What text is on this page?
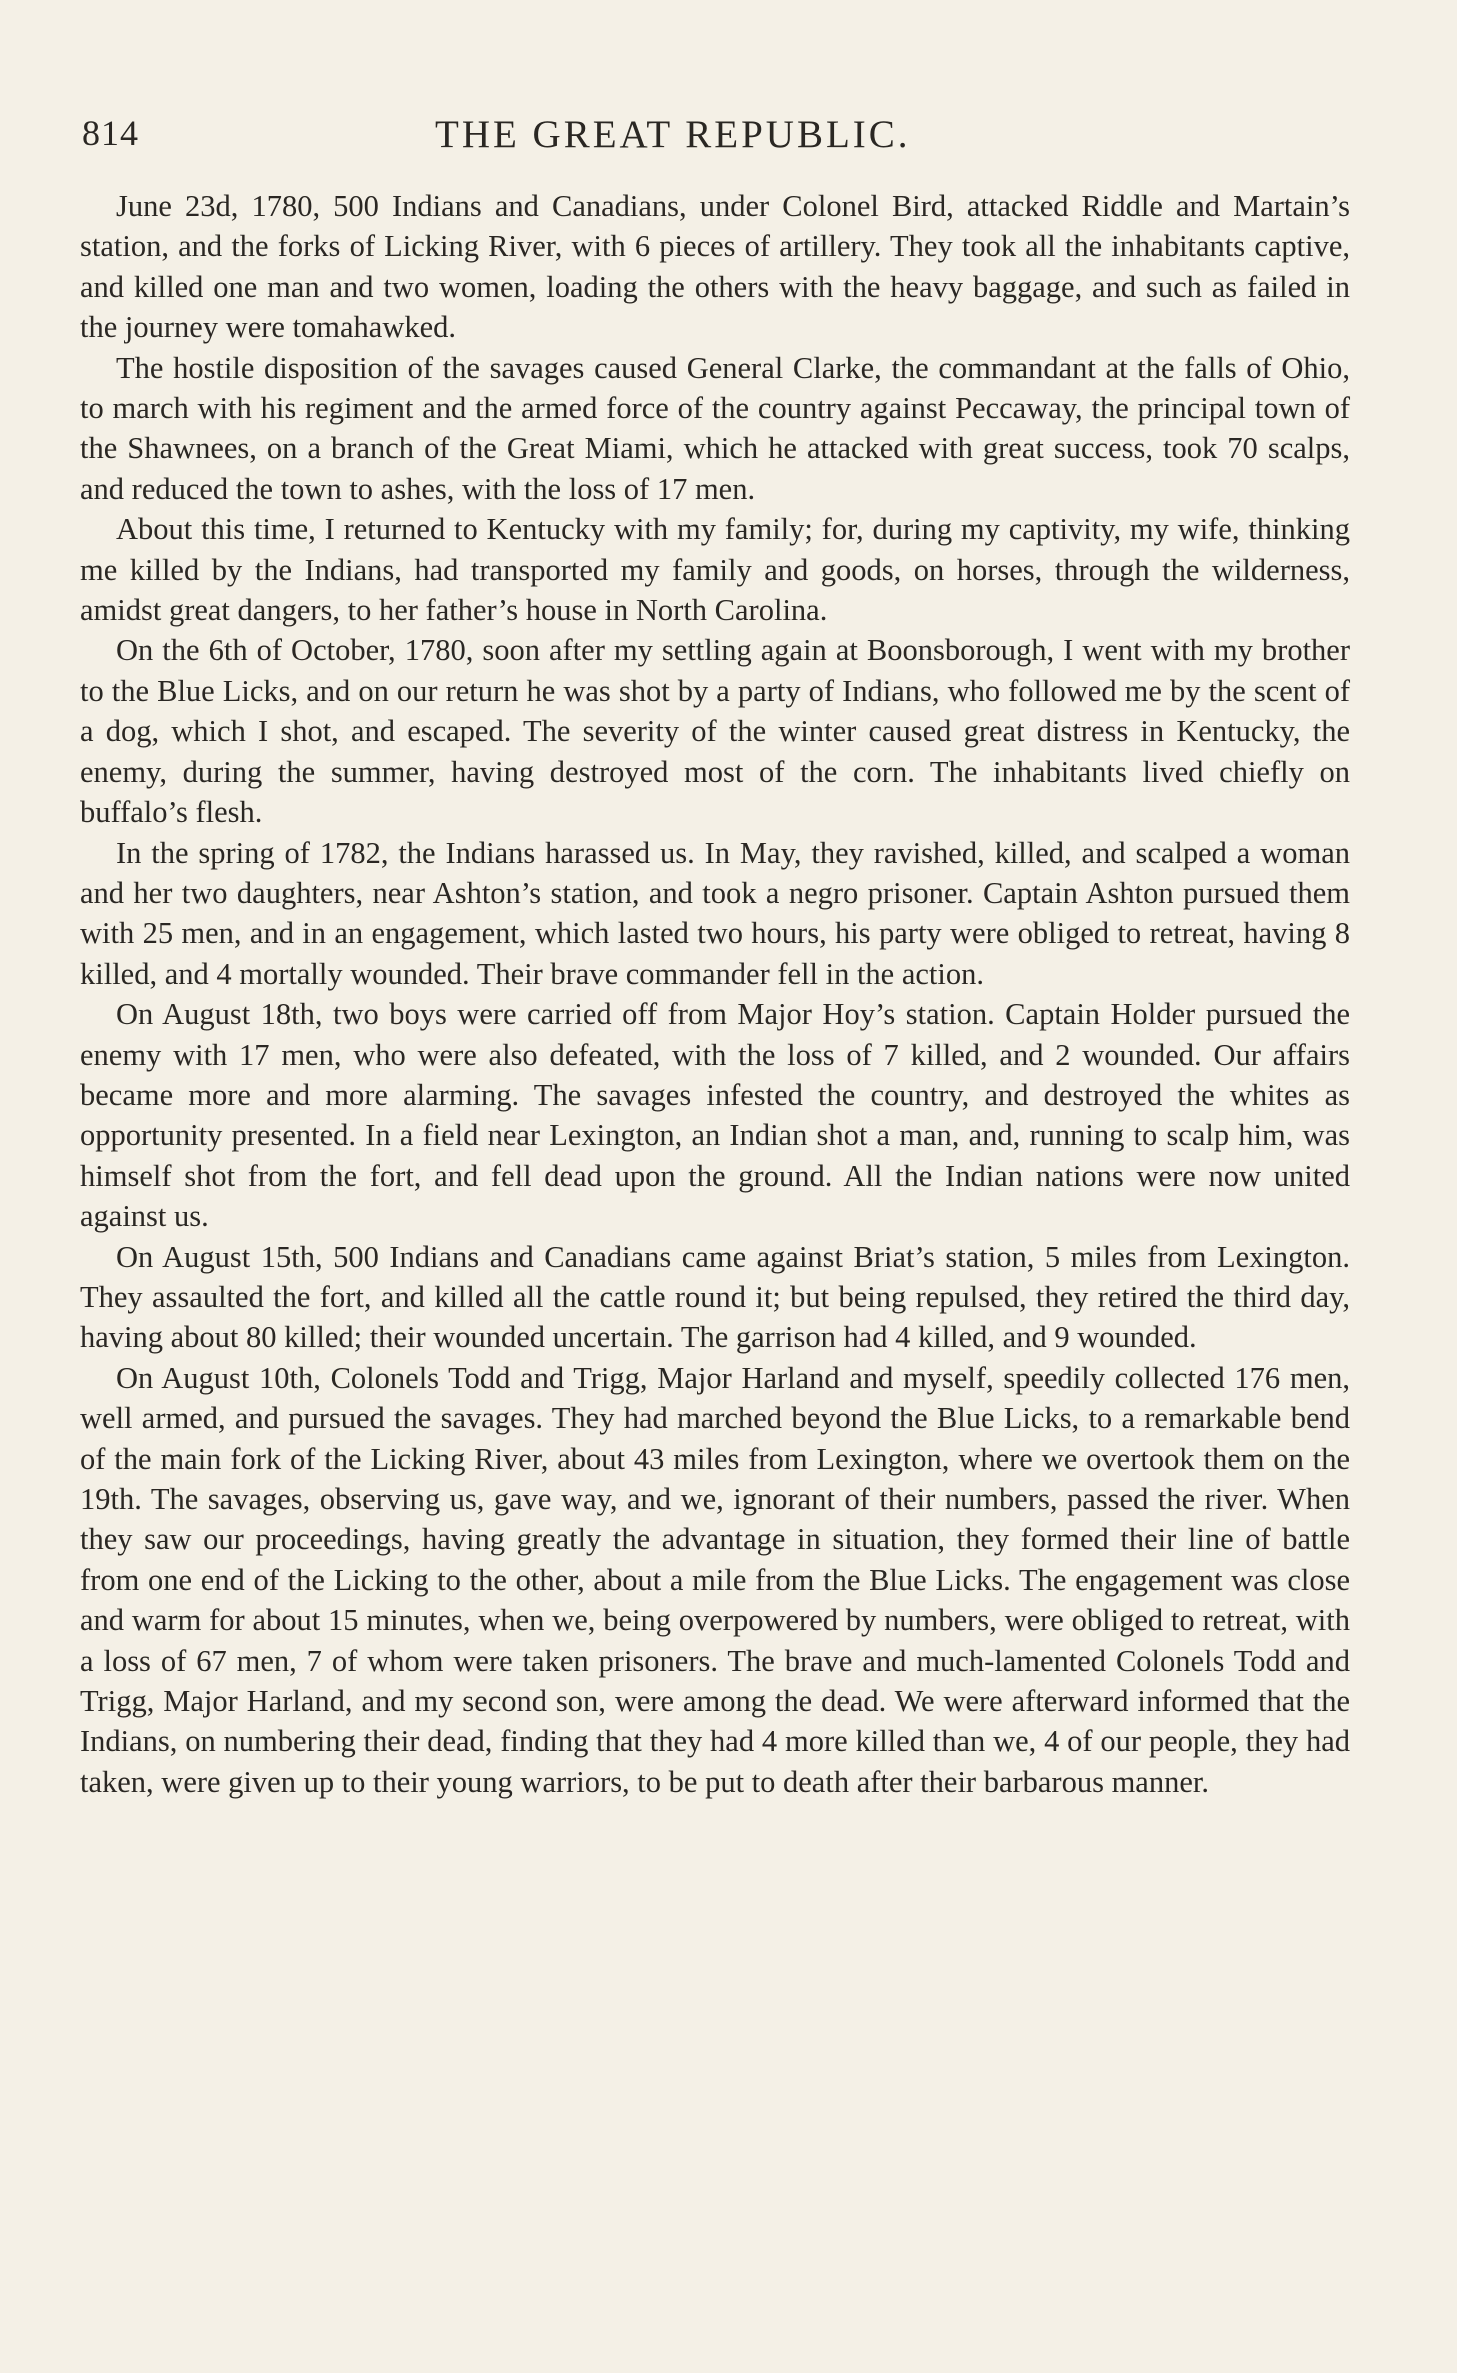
814	THE GREAT REPUBLIC.

June 23d, 1780, 500 Indians and Canadians, under Colonel Bird, attacked Riddle and Martain’s station, and the forks of Licking River, with 6 pieces of artillery. They took all the inhabitants captive, and killed one man and two women, loading the others with the heavy baggage, and such as failed in the journey were tomahawked.

The hostile disposition of the savages caused General Clarke, the commandant at the falls of Ohio, to march with his regiment and the armed force of the country against Peccaway, the principal town of the Shawnees, on a branch of the Great Miami, which he attacked with great success, took 70 scalps, and reduced the town to ashes, with the loss of 17 men.

About this time, I returned to Kentucky with my family; for, during my captivity, my wife, thinking me killed by the Indians, had transported my family and goods, on horses, through the wilderness, amidst great dangers, to her father’s house in North Carolina.

On the 6th of October, 1780, soon after my settling again at Boonsborough, I went with my brother to the Blue Licks, and on our return he was shot by a party of Indians, who followed me by the scent of a dog, which I shot, and escaped. The severity of the winter caused great distress in Kentucky, the enemy, during the summer, having destroyed most of the corn. The inhabitants lived chiefly on buffalo’s flesh.

In the spring of 1782, the Indians harassed us. In May, they ravished, killed, and scalped a woman and her two daughters, near Ashton’s station, and took a negro prisoner. Captain Ashton pursued them with 25 men, and in an engagement, which lasted two hours, his party were obliged to retreat, having 8 killed, and 4 mortally wounded. Their brave commander fell in the action.

On August 18th, two boys were carried off from Major Hoy’s station. Captain Holder pursued the enemy with 17 men, who were also defeated, with the loss of 7 killed, and 2 wounded. Our affairs became more and more alarming. The savages infested the country, and destroyed the whites as opportunity presented. In a field near Lexington, an Indian shot a man, and, running to scalp him, was himself shot from the fort, and fell dead upon the ground. All the Indian nations were now united against us.

On August 15th, 500 Indians and Canadians came against Briat’s station, 5 miles from Lexington. They assaulted the fort, and killed all the cattle round it; but being repulsed, they retired the third day, having about 80 killed; their wounded uncertain. The garrison had 4 killed, and 9 wounded.

On August 10th, Colonels Todd and Trigg, Major Harland and myself, speedily collected 176 men, well armed, and pursued the savages. They had marched beyond the Blue Licks, to a remarkable bend of the main fork of the Licking River, about 43 miles from Lexington, where we overtook them on the 19th. The savages, observing us, gave way, and we, ignorant of their numbers, passed the river. When they saw our proceedings, having greatly the advantage in situation, they formed their line of battle from one end of the Licking to the other, about a mile from the Blue Licks. The engagement was close and warm for about 15 minutes, when we, being overpowered by numbers, were obliged to retreat, with a loss of 67 men, 7 of whom were taken prisoners. The brave and much-lamented Colonels Todd and Trigg, Major Harland, and my second son, were among the dead. We were afterward informed that the Indians, on numbering their dead, finding that they had 4 more killed than we, 4 of our people, they had taken, were given up to their young warriors, to be put to death after their barbarous manner.
